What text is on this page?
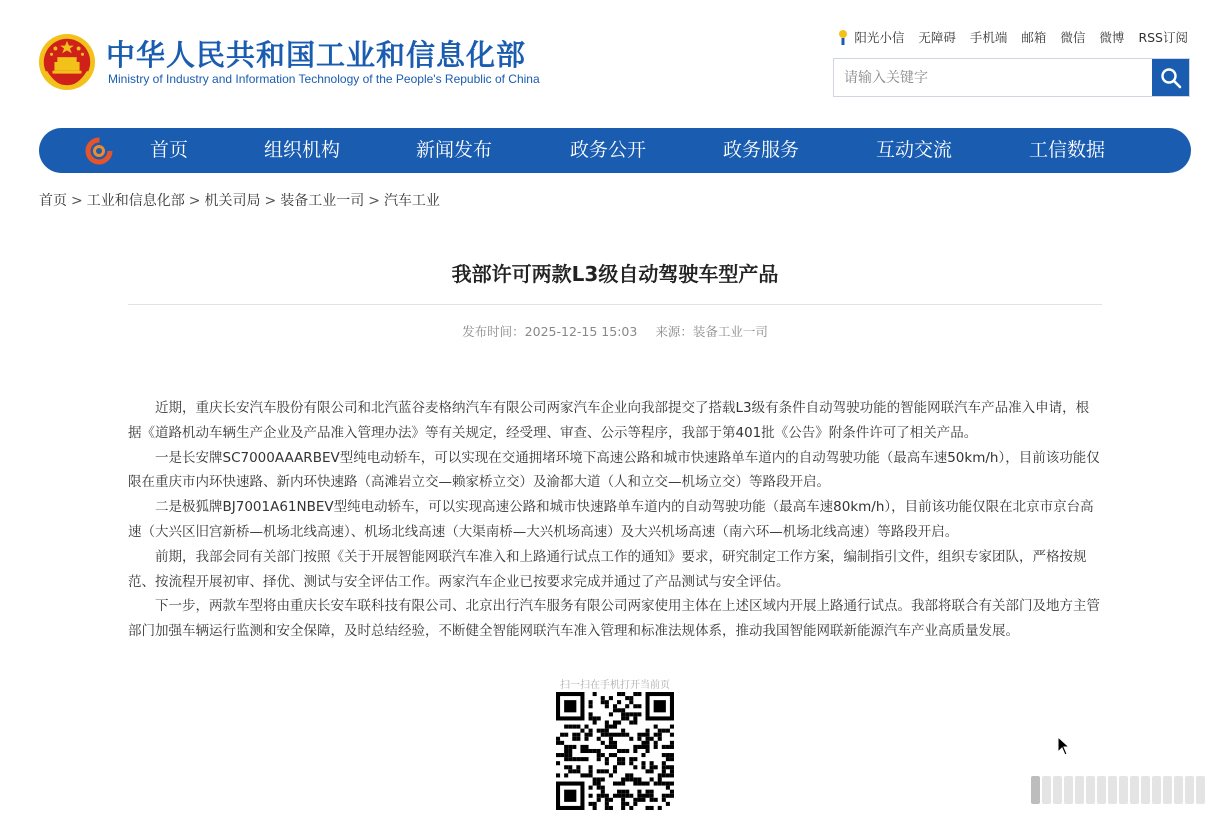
中华人民共和国工业和信息化部
Ministry of Industry and Information Technology of the People's Republic of China
阳光小信 无障碍 手机端 邮箱 微信 微博 RSS订阅
请输入关键字
首页	组织机构	新闻发布	政务公开	政务服务	互动交流	工信数据
首页 > 工业和信息化部 > 机关司局 > 装备工业一司 > 汽车工业
我部许可两款L3级自动驾驶车型产品
发布时间：2025-12-15 15:03 来源：装备工业一司

近期，重庆长安汽车股份有限公司和北汽蓝谷麦格纳汽车有限公司两家汽车企业向我部提交了搭载L3级有条件自动驾驶功能的智能网联汽车产品准入申请，根据《道路机动车辆生产企业及产品准入管理办法》等有关规定，经受理、审查、公示等程序，我部于第401批《公告》附条件许可了相关产品。

一是长安牌SC7000AAARBEV型纯电动轿车，可以实现在交通拥堵环境下高速公路和城市快速路单车道内的自动驾驶功能（最高车速50km/h），目前该功能仅限在重庆市内环快速路、新内环快速路（高滩岩立交—赖家桥立交）及渝都大道（人和立交—机场立交）等路段开启。

二是极狐牌BJ7001A61NBEV型纯电动轿车，可以实现高速公路和城市快速路单车道内的自动驾驶功能（最高车速80km/h），目前该功能仅限在北京市京台高速（大兴区旧宫新桥—机场北线高速）、机场北线高速（大渠南桥—大兴机场高速）及大兴机场高速（南六环—机场北线高速）等路段开启。

前期，我部会同有关部门按照《关于开展智能网联汽车准入和上路通行试点工作的通知》要求，研究制定工作方案，编制指引文件，组织专家团队，严格按规范、按流程开展初审、择优、测试与安全评估工作。两家汽车企业已按要求完成并通过了产品测试与安全评估。

下一步，两款车型将由重庆长安车联科技有限公司、北京出行汽车服务有限公司两家使用主体在上述区域内开展上路通行试点。我部将联合有关部门及地方主管部门加强车辆运行监测和安全保障，及时总结经验，不断健全智能网联汽车准入管理和标准法规体系，推动我国智能网联新能源汽车产业高质量发展。

扫一扫在手机打开当前页
